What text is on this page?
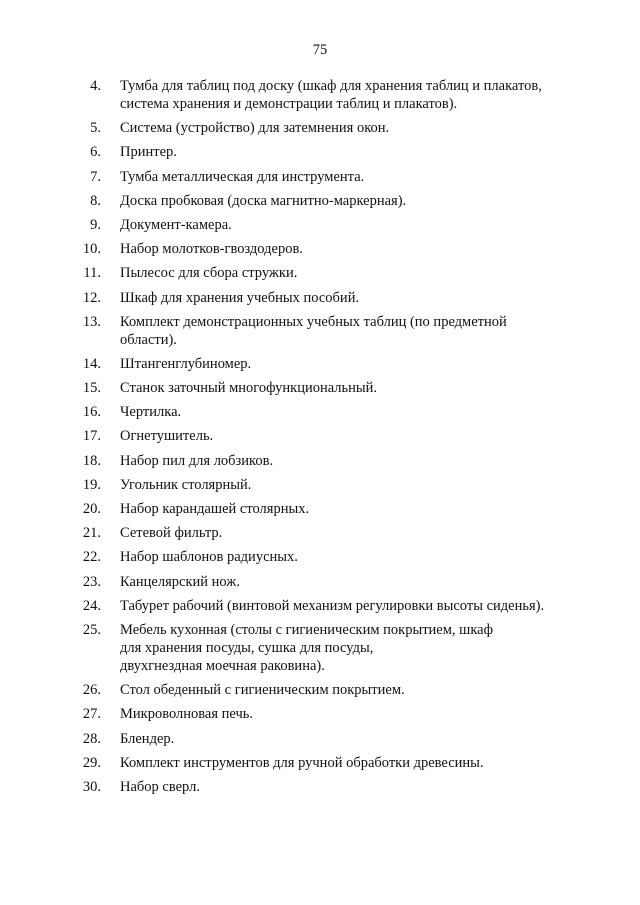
75
4. Тумба для таблиц под доску (шкаф для хранения таблиц и плакатов,
система хранения и демонстрации таблиц и плакатов).
5. Система (устройство) для затемнения окон.
6. Принтер.
7. Тумба металлическая для инструмента.
8. Доска пробковая (доска магнитно-маркерная).
9. Документ-камера.
10. Набор молотков-гвоздодеров.
11. Пылесос для сбора стружки.
12. Шкаф для хранения учебных пособий.
13. Комплект демонстрационных учебных таблиц (по предметной
области).
14. Штангенглубиномер.
15. Станок заточный многофункциональный.
16. Чертилка.
17. Огнетушитель.
18. Набор пил для лобзиков.
19. Угольник столярный.
20. Набор карандашей столярных.
21. Сетевой фильтр.
22. Набор шаблонов радиусных.
23. Канцелярский нож.
24. Табурет рабочий (винтовой механизм регулировки высоты сиденья).
25. Мебель кухонная (столы с гигиеническим покрытием, шкаф
для хранения посуды, сушка для посуды,
двухгнездная моечная раковина).
26. Стол обеденный с гигиеническим покрытием.
27. Микроволновая печь.
28. Блендер.
29. Комплект инструментов для ручной обработки древесины.
30. Набор сверл.
